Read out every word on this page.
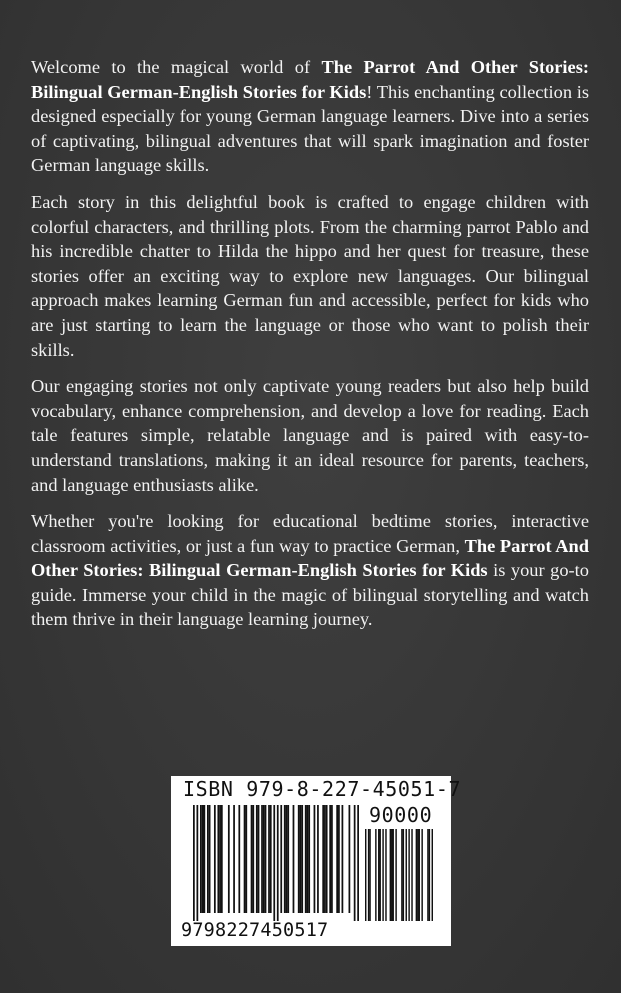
Welcome to the magical world of The Parrot And Other Stories: Bilingual German-English Stories for Kids! This enchanting collection is designed especially for young German language learners. Dive into a series of captivating, bilingual adventures that will spark imagination and foster German language skills.

Each story in this delightful book is crafted to engage children with colorful characters, and thrilling plots. From the charming parrot Pablo and his incredible chatter to Hilda the hippo and her quest for treasure, these stories offer an exciting way to explore new languages. Our bilingual approach makes learning German fun and accessible, perfect for kids who are just starting to learn the language or those who want to polish their skills.

Our engaging stories not only captivate young readers but also help build vocabulary, enhance comprehension, and develop a love for reading. Each tale features simple, relatable language and is paired with easy-to-understand translations, making it an ideal resource for parents, teachers, and language enthusiasts alike.

Whether you're looking for educational bedtime stories, interactive classroom activities, or just a fun way to practice German, The Parrot And Other Stories: Bilingual German-English Stories for Kids is your go-to guide. Immerse your child in the magic of bilingual storytelling and watch them thrive in their language learning journey.

ISBN 979-8-227-45051-7
90000
9798227450517
